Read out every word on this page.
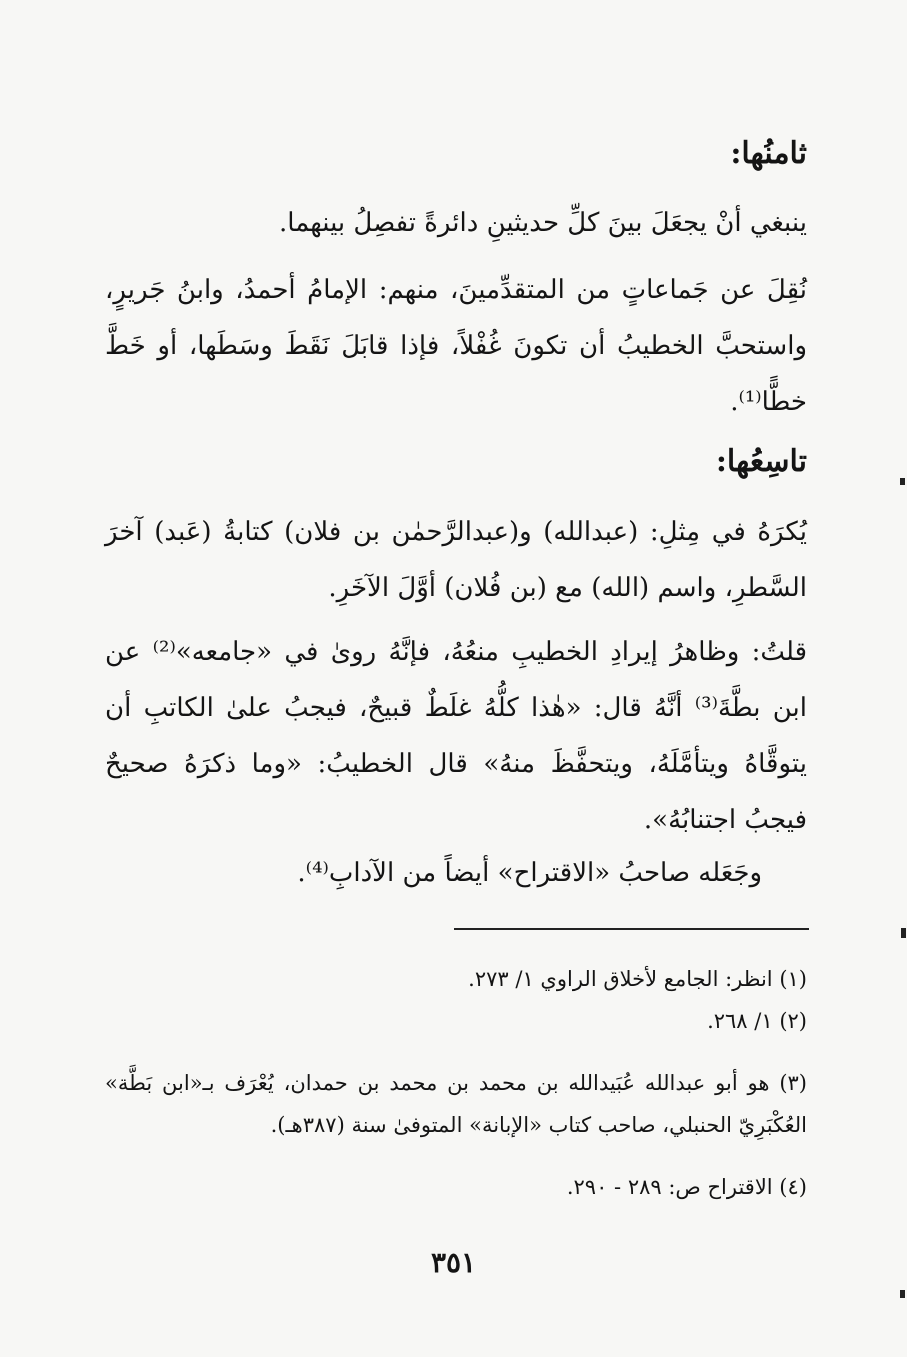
ثامنُها:
ينبغي أنْ يجعَلَ بينَ كلِّ حديثينِ دائرةً تفصِلُ بينهما.
نُقِلَ عن جَماعاتٍ من المتقدِّمينَ، منهم: الإمامُ أحمدُ، وابنُ جَريرٍ، واستحبَّ الخطيبُ أن تكونَ غُفْلاً، فإذا قابَلَ نَقَطَ وسَطَها، أو خَطَّ خطًّا⁽¹⁾.
تاسِعُها:
يُكرَهُ في مِثلِ: (عبدالله) و(عبدالرَّحمٰن بن فلان) كتابةُ (عَبد) آخرَ السَّطرِ، واسم (الله) مع (بن فُلان) أوَّلَ الآخَرِ.
قلتُ: وظاهرُ إيرادِ الخطيبِ منعُهُ، فإنَّهُ روىٰ في «جامعه»⁽²⁾ عن ابن بطَّةَ⁽³⁾ أنَّهُ قال: «هٰذا كلُّهُ غلَطٌ قبيحٌ، فيجبُ علىٰ الكاتبِ أن يتوقَّاهُ ويتأمَّلَهُ، ويتحفَّظَ منهُ» قال الخطيبُ: «وما ذكرَهُ صحيحٌ فيجبُ اجتنابُهُ».
وجَعَله صاحبُ «الاقتراح» أيضاً من الآدابِ⁽⁴⁾.
(١) انظر: الجامع لأخلاق الراوي ١/ ٢٧٣.
(٢) ١/ ٢٦٨.
(٣) هو أبو عبدالله عُبَيدالله بن محمد بن محمد بن حمدان، يُعْرَف بـ«ابن بَطَّة» العُكْبَرِيّ الحنبلي، صاحب كتاب «الإبانة» المتوفىٰ سنة (٣٨٧هـ).
(٤) الاقتراح ص: ٢٨٩ - ٢٩٠.
٣٥١
